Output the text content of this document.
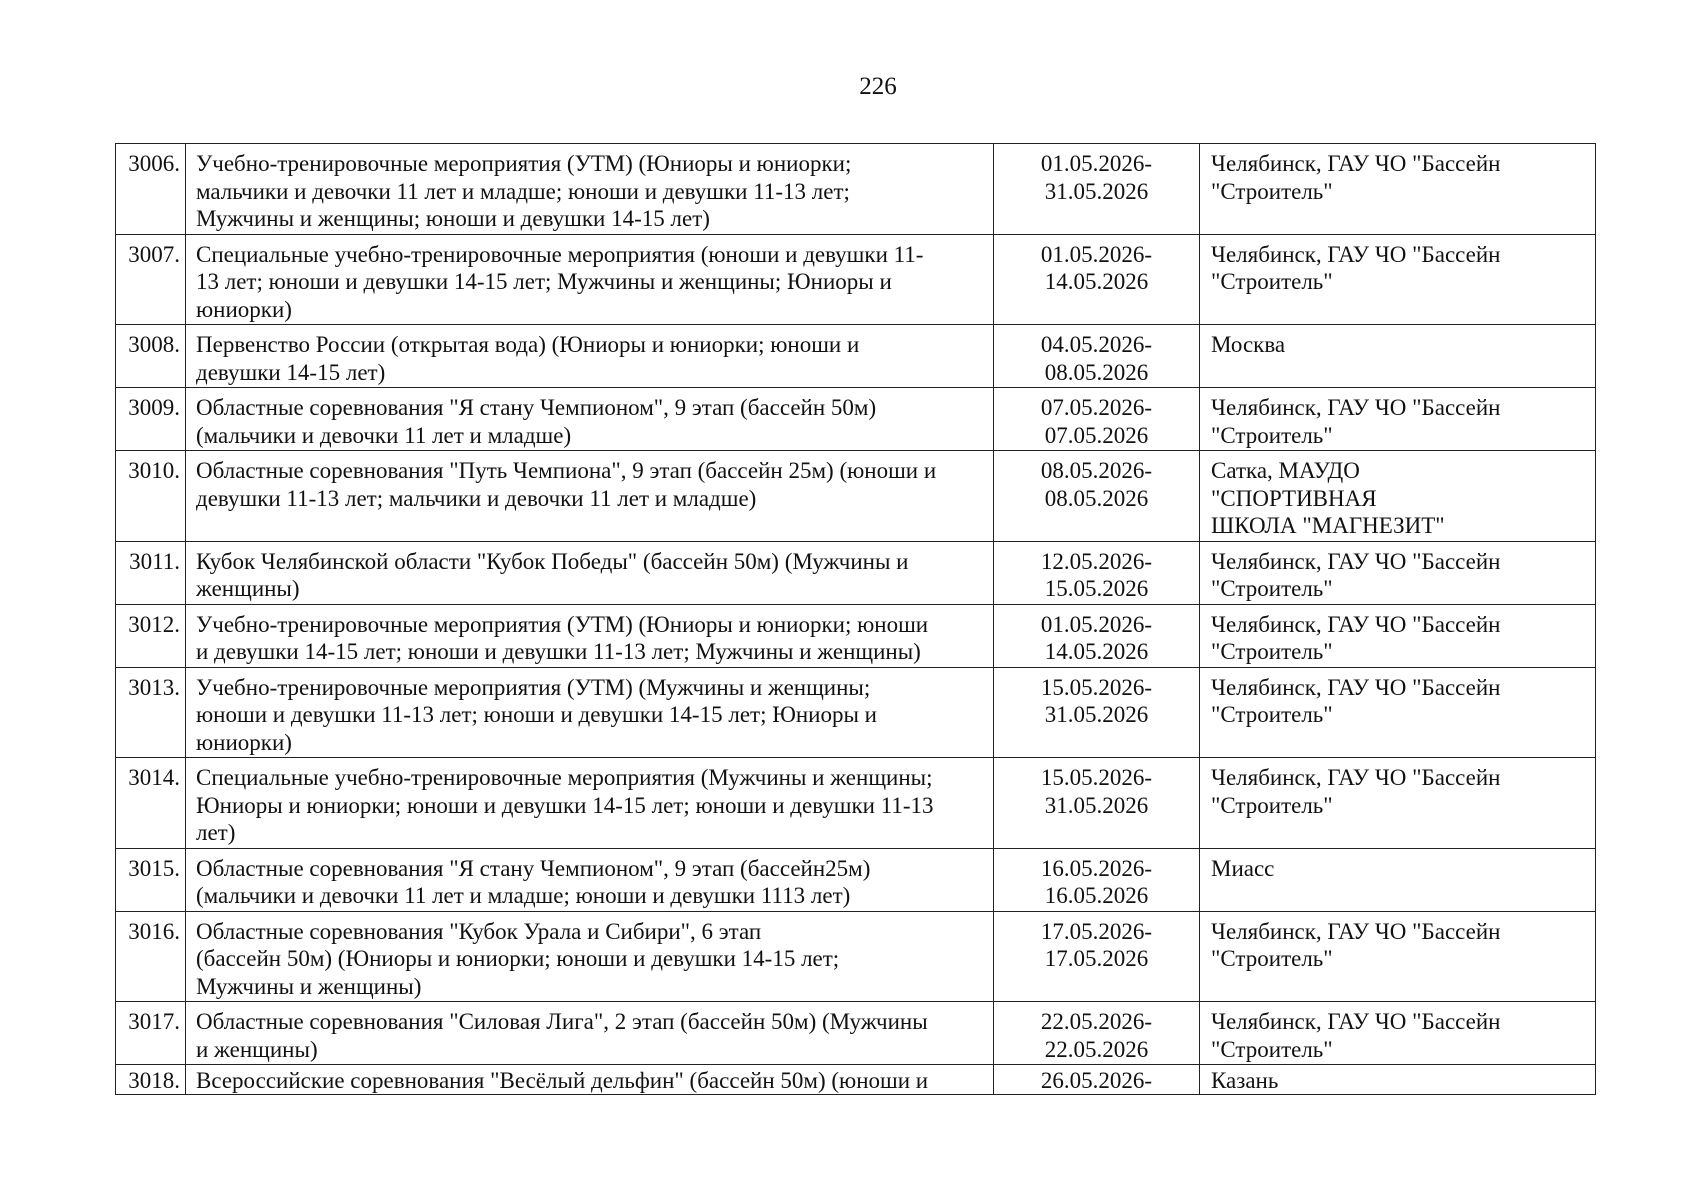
226
3006.	Учебно-тренировочные мероприятия (УТМ) (Юниоры и юниорки;
мальчики и девочки 11 лет и младше; юноши и девушки 11-13 лет;
Мужчины и женщины; юноши и девушки 14-15 лет)	01.05.2026-
31.05.2026	Челябинск, ГАУ ЧО "Бассейн
"Строитель"
3007.	Специальные учебно-тренировочные мероприятия (юноши и девушки 11-
13 лет; юноши и девушки 14-15 лет; Мужчины и женщины; Юниоры и
юниорки)	01.05.2026-
14.05.2026	Челябинск, ГАУ ЧО "Бассейн
"Строитель"
3008.	Первенство России (открытая вода) (Юниоры и юниорки; юноши и
девушки 14-15 лет)	04.05.2026-
08.05.2026	Москва
3009.	Областные соревнования "Я стану Чемпионом", 9 этап (бассейн 50м)
(мальчики и девочки 11 лет и младше)	07.05.2026-
07.05.2026	Челябинск, ГАУ ЧО "Бассейн
"Строитель"
3010.	Областные соревнования "Путь Чемпиона", 9 этап (бассейн 25м) (юноши и
девушки 11-13 лет; мальчики и девочки 11 лет и младше)	08.05.2026-
08.05.2026	Сатка, МАУДО
"СПОРТИВНАЯ
ШКОЛА "МАГНЕЗИТ"
3011.	Кубок Челябинской области "Кубок Победы" (бассейн 50м) (Мужчины и
женщины)	12.05.2026-
15.05.2026	Челябинск, ГАУ ЧО "Бассейн
"Строитель"
3012.	Учебно-тренировочные мероприятия (УТМ) (Юниоры и юниорки; юноши
и девушки 14-15 лет; юноши и девушки 11-13 лет; Мужчины и женщины)	01.05.2026-
14.05.2026	Челябинск, ГАУ ЧО "Бассейн
"Строитель"
3013.	Учебно-тренировочные мероприятия (УТМ) (Мужчины и женщины;
юноши и девушки 11-13 лет; юноши и девушки 14-15 лет; Юниоры и
юниорки)	15.05.2026-
31.05.2026	Челябинск, ГАУ ЧО "Бассейн
"Строитель"
3014.	Специальные учебно-тренировочные мероприятия (Мужчины и женщины;
Юниоры и юниорки; юноши и девушки 14-15 лет; юноши и девушки 11-13
лет)	15.05.2026-
31.05.2026	Челябинск, ГАУ ЧО "Бассейн
"Строитель"
3015.	Областные соревнования "Я стану Чемпионом", 9 этап (бассейн25м)
(мальчики и девочки 11 лет и младше; юноши и девушки 1113 лет)	16.05.2026-
16.05.2026	Миасс
3016.	Областные соревнования "Кубок Урала и Сибири", 6 этап
(бассейн 50м) (Юниоры и юниорки; юноши и девушки 14-15 лет;
Мужчины и женщины)	17.05.2026-
17.05.2026	Челябинск, ГАУ ЧО "Бассейн
"Строитель"
3017.	Областные соревнования "Силовая Лига", 2 этап (бассейн 50м) (Мужчины
и женщины)	22.05.2026-
22.05.2026	Челябинск, ГАУ ЧО "Бассейн
"Строитель"
3018.	Всероссийские соревнования "Весёлый дельфин" (бассейн 50м) (юноши и	26.05.2026-	Казань
